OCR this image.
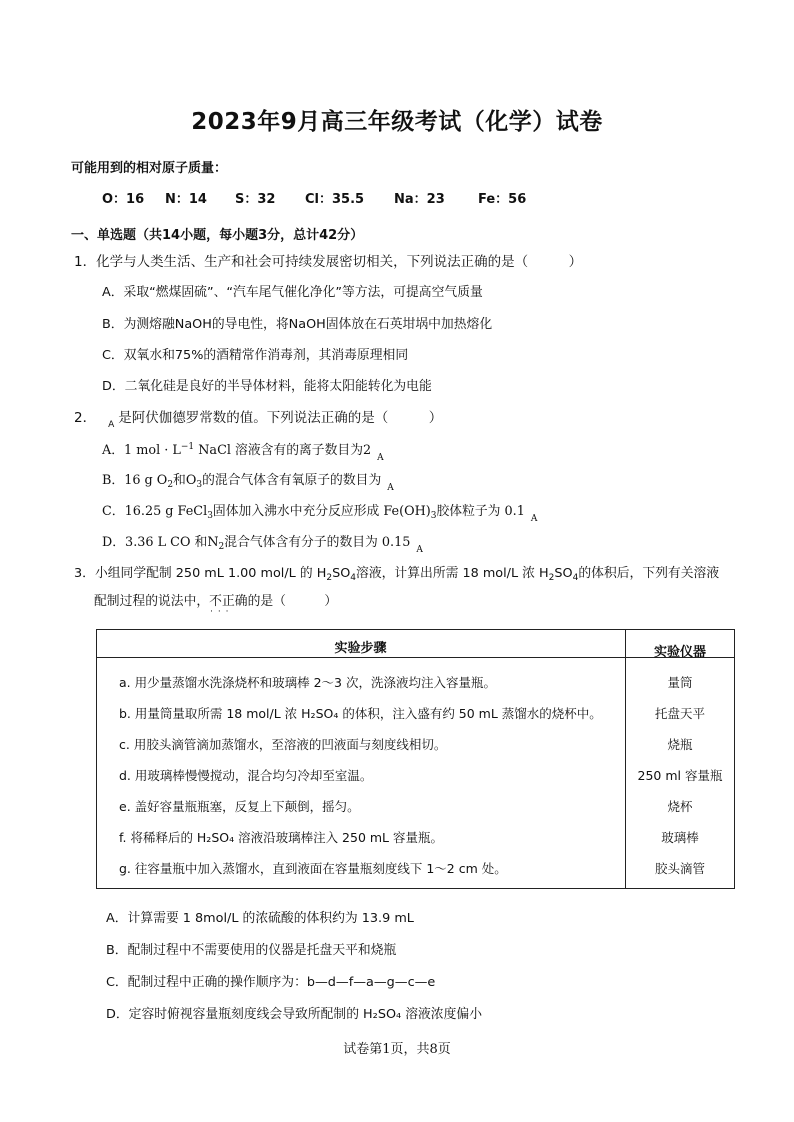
2023年9月高三年级考试（化学）试卷
可能用到的相对原子质量：
O：16 N：14 S：32 Cl：35.5 Na：23	Fe：56
一、单选题（共14小题，每小题3分，总计42分）
1．化学与人类生活、生产和社会可持续发展密切相关，下列说法正确的是（　　　）
A．采取“燃煤固硫”、“汽车尾气催化净化”等方法，可提高空气质量
B．为测熔融NaOH的导电性，将NaOH固体放在石英坩埚中加热熔化
C．双氧水和75%的酒精常作消毒剂，其消毒原理相同
D．二氧化硅是良好的半导体材料，能将太阳能转化为电能
2． A 是阿伏伽德罗常数的值。下列说法正确的是（　　　）
A．1 mol · $L^{-1}$ NaCl 溶液含有的离子数目为2 A
B．16 g $O_2$和$O_3$的混合气体含有氧原子的数目为 A
C．16.25 g FeCl$_3$固体加入沸水中充分反应形成 $Fe(OH)_3$胶体粒子为 0.1 A
D．3.36 L CO 和$N_2$混合气体含有分子的数目为 0.15 A
3．小组同学配制 250 mL 1.00 mol/L 的 $H_2SO_4$溶液，计算出所需 18 mol/L 浓 $H_2SO_4$的体积后，下列有关溶液
配制过程的说法中，不正确 · · ·的是（　　　）
实验步骤	实验仪器
a. 用少量蒸馏水洗涤烧杯和玻璃棒 2～3 次，洗涤液均注入容量瓶。
b. 用量筒量取所需 18 mol/L 浓 H₂SO₄ 的体积，注入盛有约 50 mL 蒸馏水的烧杯中。
c. 用胶头滴管滴加蒸馏水，至溶液的凹液面与刻度线相切。
d. 用玻璃棒慢慢搅动，混合均匀冷却至室温。
e. 盖好容量瓶瓶塞，反复上下颠倒，摇匀。
f. 将稀释后的 H₂SO₄ 溶液沿玻璃棒注入 250 mL 容量瓶。
g. 往容量瓶中加入蒸馏水，直到液面在容量瓶刻度线下 1～2 cm 处。
量筒
托盘天平
烧瓶
250 ml 容量瓶
烧杯
玻璃棒
胶头滴管
A．计算需要 1 8mol/L 的浓硫酸的体积约为 13.9 mL
B．配制过程中不需要使用的仪器是托盘天平和烧瓶
C．配制过程中正确的操作顺序为：b—d—f—a—g—c—e
D．定容时俯视容量瓶刻度线会导致所配制的 H₂SO₄ 溶液浓度偏小
试卷第1页，共8页
